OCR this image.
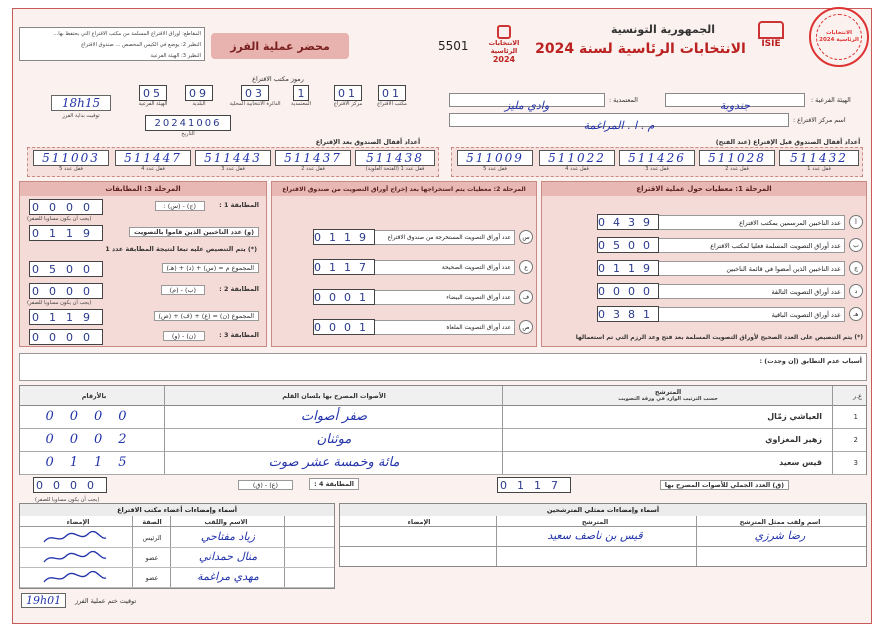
الانتخابات الرئاسية 2024
ISIE
الجمهورية التونسية
الانتخابات الرئاسية لسنة 2024
الانتخابات
الرئاسية
2024
5501
محضر عملية الفرز
المقاطع: أوراق الاقتراع المسلمة من مكتب الاقتراع التي يحتفظ بها...
النظير 2: يوضع في الكيس المخصص ... صندوق الاقتراع
النظير 3: الهيئة الفرعية
رموز مكتب الاقتراع
01
مكتب الاقتراع
01
مركز الاقتراع
1
المعتمدية
03
الدائرة الانتخابية المحلية
09
البلدية
05
الهيئة الفرعية
18h15
توقيت بداية الفرز
20241006
التاريخ
الهيئة الفرعية :
جندوبة
المعتمدية :
وادي مليز
اسم مركز الاقتراع :
م . ا . المراغمة
أعداد أقفال الصندوق بعد الإقتراع	أعداد أقفال الصندوق قبل الإقتراع (عند الفتح)
511438
قفل عدد 1 (الفتحة العلوية)
511437
قفل عدد 2
511443
قفل عدد 3
511447
قفل عدد 4
511003
قفل عدد 5
511432
قفل عدد 1
511028
قفل عدد 2
511426
قفل عدد 3
511022
قفل عدد 4
511009
قفل عدد 5
المرحلة 1: معطيات حول عملية الاقتراع
المرحلة 2: معطيات يتم استخراجها بعد إخراج أوراق التصويت من صندوق الاقتراع
المرحلة 3: المطابقات
أ
عدد الناخبين المرسمين بمكتب الاقتراع
0439
ب
عدد أوراق التصويت المسلمة فعليا لمكتب الاقتراع
0500
ج
عدد الناخبين الذين أمضوا في قائمة الناخبين
0119
د
عدد أوراق التصويت التالفة
0000
هـ
عدد أوراق التصويت الباقية
0381
(*) يتم التنصيص على العدد الصحيح لأوراق التصويت المسلمة بعد فتح وعد الرزم التي تم استعمالها
س
عدد أوراق التصويت المستخرجة من صندوق الاقتراع
0119
ع
عدد أوراق التصويت الصحيحة
0117
ف
عدد أوراق التصويت البيضاء
0001
ص
عدد أوراق التصويت الملغاة
0001
المطابقة 1 :
(ج) - (س) :
0000
(يجب أن يكون مساويا للصفر)
(و) عدد الناخبين الذين قاموا بالتصويت
0119
(*) يتم التنصيص عليه تبعا لنتيجة المطابقة عدد 1
المجموع م = (س) + (د) + (هـ)
0500
المطابقة 2 :
(ب) - (م)
0000
(يجب أن يكون مساويا للصفر)
المجموع (ن) = (ع) + (ف) + (ص)
0119
المطابقة 3 :
(ن) - (و)
0000
أسباب عدم التطابق (إن وجدت) :
ع.ر
المترشح
حسب الترتيب الوارد في ورقة التصويت
الأصوات المصرح بها بلسان القلم
بالأرقام
1
العياشي زمّال
صفر أصوات
0000
2
زهير المغزاوي
موثنان
0002
3
قيس سعيد
مائة وخمسة عشر صوت
0115
المطابقة 4 :
(ع) - (ق)
0000
(يجب أن يكون مساويا للصفر)
(ق) العدد الجملي للأصوات المصرح بها
0117
أسماء وإمضاءات ممثلي المترشحين
اسم ولقب ممثل المترشح
المترشح
الإمضاء
رضا شرزي
قيس بن ناصف سعيد
أسماء وإمضاءات أعضاء مكتب الاقتراع
الاسم واللقب
الصفة
الإمضاء
زياد مفتاحي
الرئيس
منال حمداني
عضو
مهدي مراغمة
عضو
19h01	توقيت ختم عملية الفرز
